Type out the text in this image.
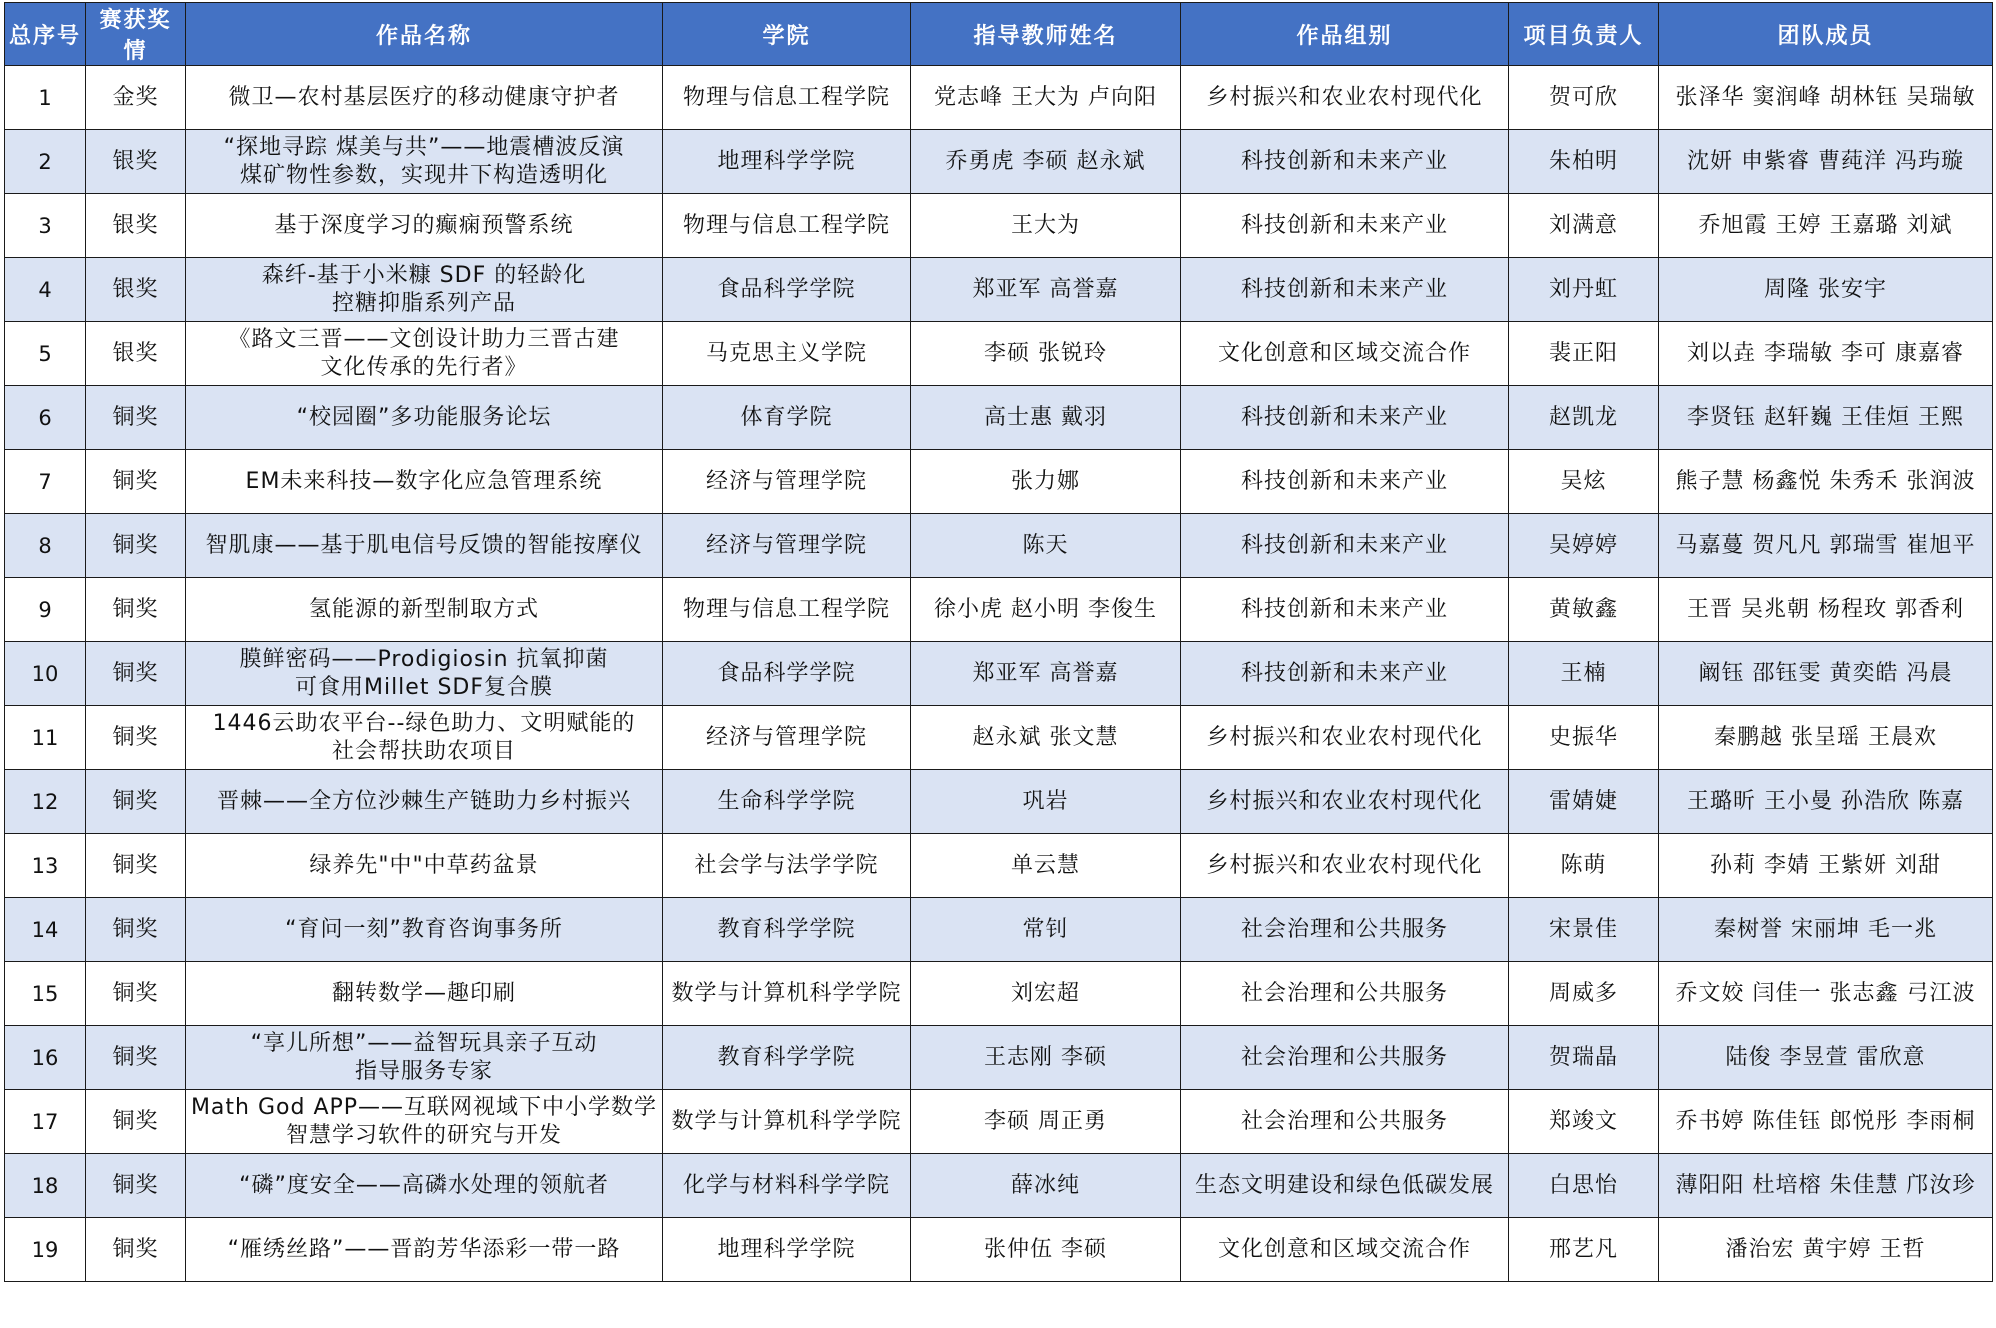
总序号	赛获奖情	作品名称	学院	指导教师姓名	作品组别	项目负责人	团队成员
1	金奖	微卫—农村基层医疗的移动健康守护者	物理与信息工程学院	党志峰 王大为 卢向阳	乡村振兴和农业农村现代化	贺可欣	张泽华 窦润峰 胡林钰 吴瑞敏
2	银奖	“探地寻踪 煤美与共”——地震槽波反演
煤矿物性参数，实现井下构造透明化	地理科学学院	乔勇虎 李硕 赵永斌	科技创新和未来产业	朱柏明	沈妍 申紫睿 曹莼洋 冯玙璇
3	银奖	基于深度学习的癫痫预警系统	物理与信息工程学院	王大为	科技创新和未来产业	刘满意	乔旭霞 王婷 王嘉璐 刘斌
4	银奖	森纤-基于小米糠 SDF 的轻龄化
控糖抑脂系列产品	食品科学学院	郑亚军 高誉嘉	科技创新和未来产业	刘丹虹	周隆 张安宇
5	银奖	《路文三晋——文创设计助力三晋古建
文化传承的先行者》	马克思主义学院	李硕 张锐玲	文化创意和区域交流合作	裴正阳	刘以垚 李瑞敏 李可 康嘉睿
6	铜奖	“校园圈”多功能服务论坛	体育学院	高士惠 戴羽	科技创新和未来产业	赵凯龙	李贤钰 赵轩巍 王佳烜 王熙
7	铜奖	EM未来科技—数字化应急管理系统	经济与管理学院	张力娜	科技创新和未来产业	吴炫	熊子慧 杨鑫悦 朱秀禾 张润波
8	铜奖	智肌康——基于肌电信号反馈的智能按摩仪	经济与管理学院	陈天	科技创新和未来产业	吴婷婷	马嘉蔓 贺凡凡 郭瑞雪 崔旭平
9	铜奖	氢能源的新型制取方式	物理与信息工程学院	徐小虎 赵小明 李俊生	科技创新和未来产业	黄敏鑫	王晋 吴兆朝 杨程玫 郭香利
10	铜奖	膜鲜密码——Prodigiosin 抗氧抑菌
可食用Millet SDF复合膜	食品科学学院	郑亚军 高誉嘉	科技创新和未来产业	王楠	阚钰 邵钰雯 黄奕皓 冯晨
11	铜奖	1446云助农平台--绿色助力、文明赋能的
社会帮扶助农项目	经济与管理学院	赵永斌 张文慧	乡村振兴和农业农村现代化	史振华	秦鹏越 张呈瑶 王晨欢
12	铜奖	晋棘——全方位沙棘生产链助力乡村振兴	生命科学学院	巩岩	乡村振兴和农业农村现代化	雷婧婕	王璐昕 王小曼 孙浩欣 陈嘉
13	铜奖	绿养先"中"中草药盆景	社会学与法学学院	单云慧	乡村振兴和农业农村现代化	陈萌	孙莉 李婧 王紫妍 刘甜
14	铜奖	“育问一刻”教育咨询事务所	教育科学学院	常钊	社会治理和公共服务	宋景佳	秦树誉 宋丽坤 毛一兆
15	铜奖	翻转数学—趣印刷	数学与计算机科学学院	刘宏超	社会治理和公共服务	周威多	乔文姣 闫佳一 张志鑫 弓江波
16	铜奖	“享儿所想”——益智玩具亲子互动
指导服务专家	教育科学学院	王志刚 李硕	社会治理和公共服务	贺瑞晶	陆俊 李昱萱 雷欣意
17	铜奖	Math God APP——互联网视域下中小学数学
智慧学习软件的研究与开发	数学与计算机科学学院	李硕 周正勇	社会治理和公共服务	郑竣文	乔书婷 陈佳钰 郎悦彤 李雨桐
18	铜奖	“磷”度安全——高磷水处理的领航者	化学与材料科学学院	薛冰纯	生态文明建设和绿色低碳发展	白思怡	薄阳阳 杜培榕 朱佳慧 邝汝珍
19	铜奖	“雁绣丝路”——晋韵芳华添彩一带一路	地理科学学院	张仲伍 李硕	文化创意和区域交流合作	邢艺凡	潘治宏 黄宇婷 王哲
